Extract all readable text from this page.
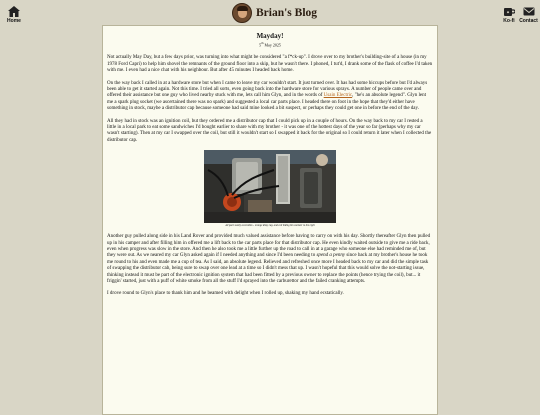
Home
Brian's Blog
Ko-fi Contact
Mayday!
5th May 2025

Not actually May Day, but a few days prior, was turning into what might be considered "a f*ck-up". I drove over to my brother's building-site of a house (in my 1978 Ford Capri) to help him shovel the remnants of the ground floor into a skip, but he wasn't there. I phoned, I tut'd, I drank some of the flask of coffee I'd taken with me. I even had a nice chat with his neighbour. But after 45 minutes I headed back home.

On the way back I called in at a hardware store but when I came to leave my car wouldn't start. It just turned over. It has had some hiccups before but I'd always been able to get it started again. Not this time. I tried all sorts, even going back into the hardware store for various sprays. A number of people came over and offered their assistance but one guy who lived nearby stuck with me, lets call him Glyn, and in the words of Usain Electric, "he's an absolute legend". Glyn lent me a spark plug socket (we ascertained there was no spark) and suggested a local car parts place. I headed there on foot in the hope that they'd either have something in stock, maybe a distributor cap because someone had said mine looked a bit suspect, or perhaps they could get one in before the end of the day.

All they had in stock was an ignition coil, but they ordered me a distributor cap that I could pick up in a couple of hours. On the way back to my car I rested a little in a local park to eat some sandwiches I'd bought earlier to share with my brother - it was one of the hottest days of the year so far (perhaps why my car wasn't starting). Then at my car I swapped over the coil, but still it wouldn't start so I swapped it back for the original so I could return it later when I collected the distributor cap.

All parts easily accessible... orange dizzy cap, and coil hiding bin canister to the right

Another guy pulled along side in his Land Rover and provided much valued assistance before having to carry on with his day. Shortly thereafter Glyn then pulled up in his camper and after filling him in offered me a lift back to the car parts place for that distributor cap. He even kindly waited outside to give me a ride back, even when progress was slow in the store. And then he also took me a little further up the road to call in at a garage who someone else had reminded me of, but they were out. As we neared my car Glyn asked again if I needed anything and since I'd been needing to spend a penny since back at my brother's house he took me round to his and even made me a cup of tea. As I said, an absolute legend. Relieved and refreshed once more I headed back to my car and did the simple task of swapping the distributor cab, being sure to swap over one lead at a time so I didn't mess that up. I wasn't hopeful that this would solve the not-starting issue, thinking instead it must be part of the electronic ignition system that had been fitted by a previous owner to replace the points (hence trying the coil), but... it friggin' started, just with a puff of white smoke from all the stuff I'd sprayed into the carburettor and the failed cranking attempts.

I drove round to Glyn's place to thank him and he beamed with delight when I rolled up, shaking my hand ecstatically.
